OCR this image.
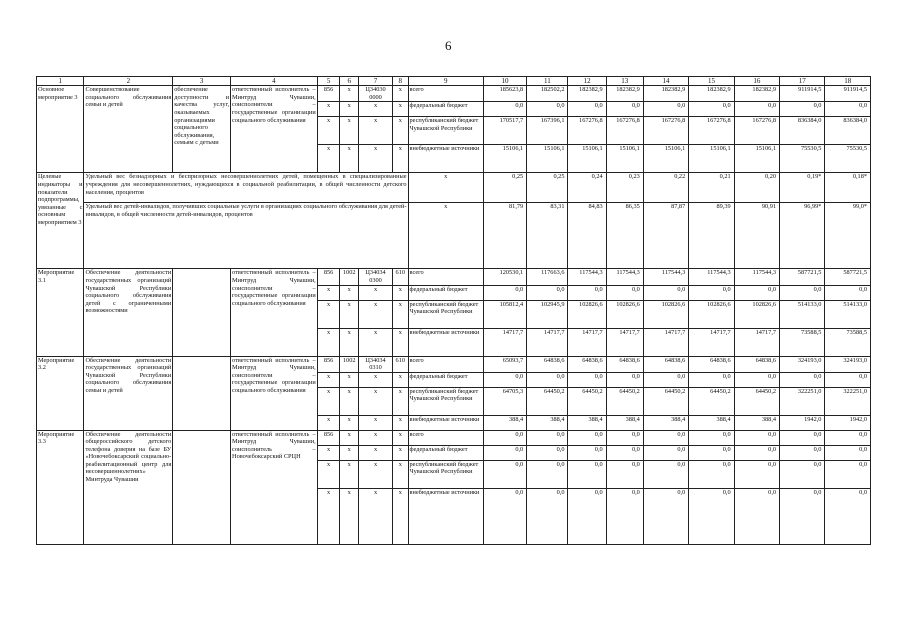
6
1	2	3	4	5	6	7	8	9	10	11	12	13	14	15	16	17	18
Основное мероприятие 3	Совершенствование социального обслуживания семьи и детей	обеспечение доступности и качества услуг, оказываемых организациями социального обслуживания, семьям с детьми	ответственный исполнитель – Минтруд Чувашии, соисполнители – государственные организации социального обслуживания	856	x	Ц34030 0000	x	всего	185623,8	182502,2	182382,9	182382,9	182382,9	182382,9	182382,9	911914,5	911914,5
				x	x	x	x	федеральный бюджет	0,0	0,0	0,0	0,0	0,0	0,0	0,0	0,0	0,0
				x	x	x	x	республиканский бюджет Чувашской Республики	170517,7	167396,1	167276,8	167276,8	167276,8	167276,8	167276,8	836384,0	836384,0
				x	x	x	x	внебюджетные источники	15106,1	15106,1	15106,1	15106,1	15106,1	15106,1	15106,1	75530,5	75530,5
Целевые индикаторы и показатели подпрограммы, увязанные с основным мероприятием 3	Удельный вес безнадзорных и беспризорных несовершеннолетних детей, помещенных в специализированные учреждения для несовершеннолетних, нуждающихся в социальной реабилитации, в общей численности детского населения, процентов							x	0,25	0,25	0,24	0,23	0,22	0,21	0,20	0,19*	0,18*
	Удельный вес детей-инвалидов, получивших социальные услуги в организациях социального обслуживания для детей-инвалидов, в общей численности детей-инвалидов, процентов							x	81,79	83,31	84,83	86,35	87,87	89,39	90,91	96,99*	99,0*
Мероприятие 3.1	Обеспечение деятельности государственных организаций Чувашской Республики социального обслуживания детей с ограниченными возможностями		ответственный исполнитель – Минтруд Чувашии, соисполнители – государственные организации социального обслуживания	856	1002	Ц34034 0300	610	всего	120530,1	117663,6	117544,3	117544,3	117544,3	117544,3	117544,3	587721,5	587721,5
				x	x	x	x	федеральный бюджет	0,0	0,0	0,0	0,0	0,0	0,0	0,0	0,0	0,0
				x	x	x	x	республиканский бюджет Чувашской Республики	105812,4	102945,9	102826,6	102826,6	102826,6	102826,6	102826,6	514133,0	514133,0
				x	x	x	x	внебюджетные источники	14717,7	14717,7	14717,7	14717,7	14717,7	14717,7	14717,7	73588,5	73588,5
Мероприятие 3.2	Обеспечение деятельности государственных организаций Чувашской Республики социального обслуживания семьи и детей		ответственный исполнитель – Минтруд Чувашии, соисполнители – государственные организации социального обслуживания	856	1002	Ц34034 0310	610	всего	65093,7	64838,6	64838,6	64838,6	64838,6	64838,6	64838,6	324193,0	324193,0
				x	x	x	x	федеральный бюджет	0,0	0,0	0,0	0,0	0,0	0,0	0,0	0,0	0,0
				x	x	x	x	республиканский бюджет Чувашской Республики	64705,3	64450,2	64450,2	64450,2	64450,2	64450,2	64450,2	322251,0	322251,0
				x	x	x	x	внебюджетные источники	388,4	388,4	388,4	388,4	388,4	388,4	388,4	1942,0	1942,0
Мероприятие 3.3	Обеспечение деятельности общероссийского детского телефона доверия на базе БУ «Новочебоксарский социально-реабилитационный центр для несовершеннолетних» Минтруда Чувашии		ответственный исполнитель – Минтруд Чувашии, соисполнитель – Новочебоксарский СРЦН	856	x	x	x	всего	0,0	0,0	0,0	0,0	0,0	0,0	0,0	0,0	0,0
				x	x	x	x	федеральный бюджет	0,0	0,0	0,0	0,0	0,0	0,0	0,0	0,0	0,0
				x	x	x	x	республиканский бюджет Чувашской Республики	0,0	0,0	0,0	0,0	0,0	0,0	0,0	0,0	0,0
				x	x	x	x	внебюджетные источники	0,0	0,0	0,0	0,0	0,0	0,0	0,0	0,0	0,0
